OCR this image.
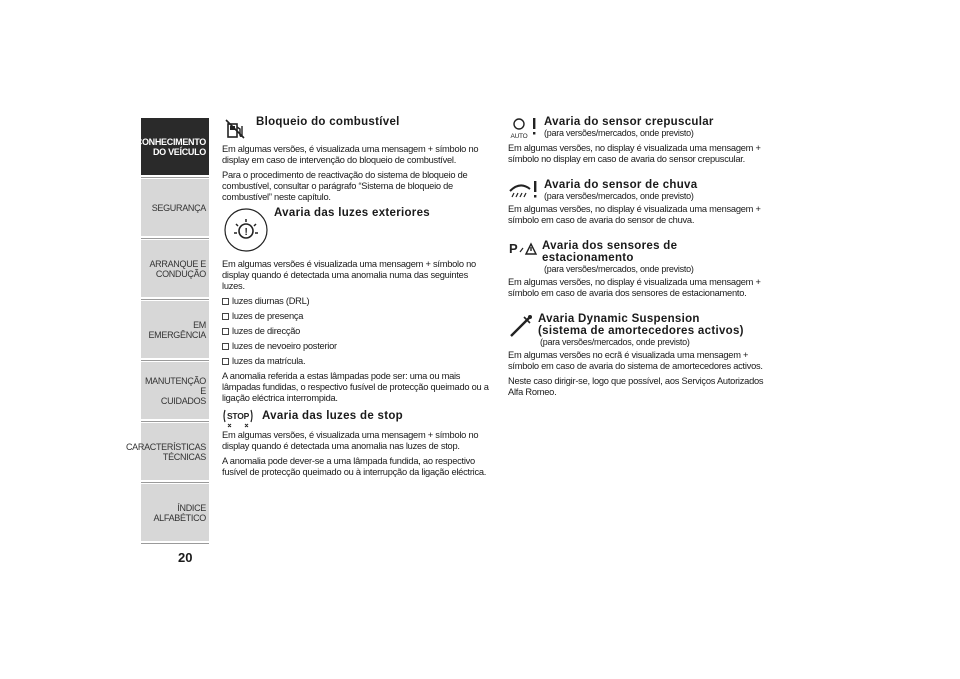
CONHECIMENTO
DO VEÍCULO
SEGURANÇA
ARRANQUE E
CONDUÇÃO
EM EMERGÊNCIA
MANUTENÇÃO E
CUIDADOS
CARACTERÍSTICAS
TÉCNICAS
ÍNDICE ALFABÉTICO
20
Bloqueio do combustível

Em algumas versões, é visualizada uma mensagem + símbolo no display em caso de intervenção do bloqueio de combustível.

Para o procedimento de reactivação do sistema de bloqueio de combustível, consultar o parágrafo “Sistema de bloqueio de combustível” neste capítulo.

!
Avaria das luzes exteriores

Em algumas versões é visualizada uma mensagem + símbolo no display quando é detectada uma anomalia numa das seguintes luzes.

luzes diurnas (DRL)
luzes de presença
luzes de direcção
luzes de nevoeiro posterior
luzes da matrícula.

A anomalia referida a estas lâmpadas pode ser: uma ou mais lâmpadas fundidas, o respectivo fusível de protecção queimado ou a ligação eléctrica interrompida.

STOP Avaria das luzes de stop

Em algumas versões, é visualizada uma mensagem + símbolo no display quando é detectada uma anomalia nas luzes de stop.

A anomalia pode dever-se a uma lâmpada fundida, ao respectivo fusível de protecção queimado ou à interrupção da ligação eléctrica.

AUTO
Avaria do sensor crepuscular
(para versões/mercados, onde previsto)

Em algumas versões, no display é visualizada uma mensagem + símbolo no display em caso de avaria do sensor crepuscular.

Avaria do sensor de chuva
(para versões/mercados, onde previsto)

Em algumas versões, no display é visualizada uma mensagem + símbolo em caso de avaria do sensor de chuva.

P Avaria dos sensores de
estacionamento
(para versões/mercados, onde previsto)

Em algumas versões, no display é visualizada uma mensagem + símbolo em caso de avaria dos sensores de estacionamento.

Avaria Dynamic Suspension
(sistema de amortecedores activos)
(para versões/mercados, onde previsto)

Em algumas versões no ecrã é visualizada uma mensagem + símbolo em caso de avaria do sistema de amortecedores activos.

Neste caso dirigir-se, logo que possível, aos Serviços Autorizados Alfa Romeo.
